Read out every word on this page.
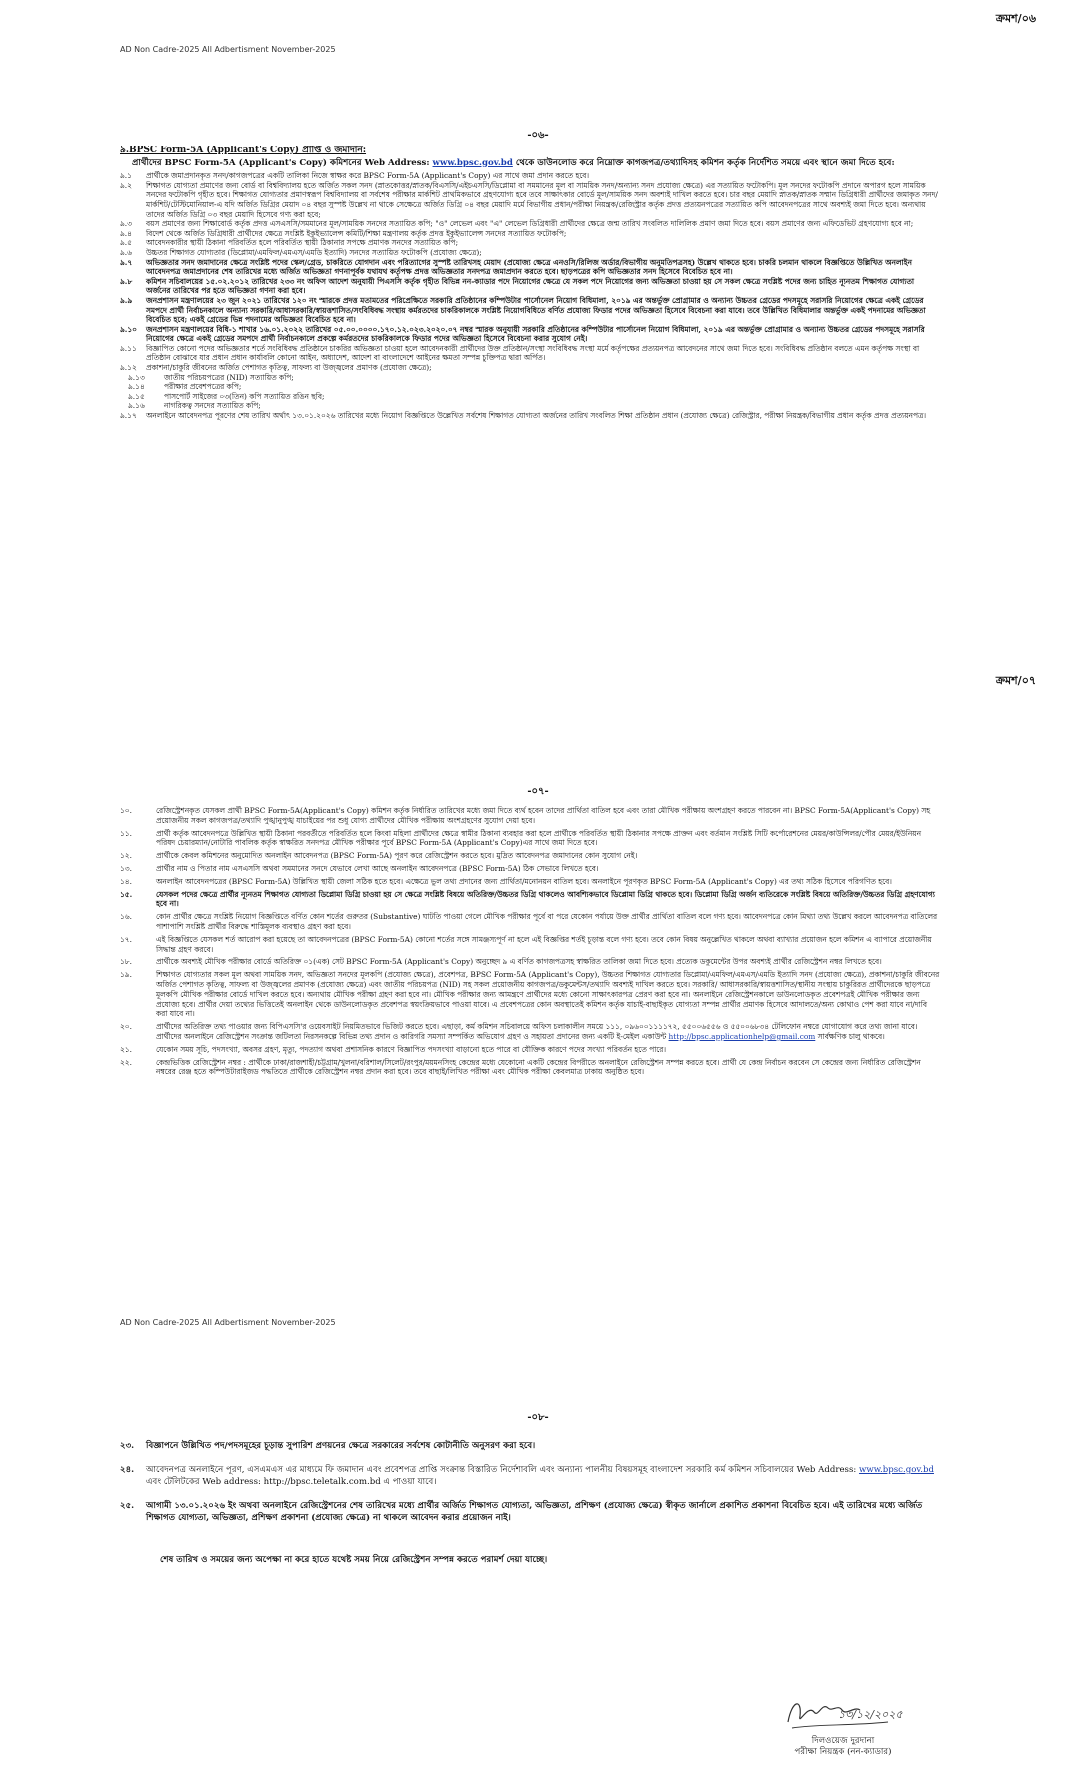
ক্রমশ/০৬
AD Non Cadre-2025 All Adbertisment November-2025
-০৬-
৯.BPSC Form-5A (Applicant's Copy) প্রাপ্তি ও জমাদান:
প্রার্থীদের BPSC Form-5A (Applicant's Copy) কমিশনের Web Address: www.bpsc.gov.bd থেকে ডাউনলোড করে নিম্নোক্ত কাগজপত্র/তথ্যাদিসহ কমিশন কর্তৃক নির্দেশিত সময়ে এবং স্থানে জমা দিতে হবে:
৯.১ প্রার্থীকে জমাপ্রদানকৃত সনদ/কাগজপত্রের একটি তালিকা নিজে স্বাক্ষর করে BPSC Form-5A (Applicant's Copy) এর সাথে জমা প্রদান করতে হবে।
৯.২ শিক্ষাগত যোগ্যতা প্রমাণের জন্য বোর্ড বা বিশ্ববিদ্যালয় হতে অর্জিত সকল সনদ (স্নাতকোত্তর/স্নাতক/বিএসসি/এইচএসসি/ডিপ্লোমা বা সমমানের মূল বা সাময়িক সনদ/অন্যান্য সনদ প্রযোজ্য ক্ষেত্রে) এর সত্যায়িত ফটোকপি। মূল সনদের ফটোকপি প্রদানে অপারগ হলে সাময়িক সনদের ফটোকপি গৃহীত হবে। শিক্ষাগত যোগ্যতার প্রমাণস্বরূপ বিশ্ববিদ্যালয় বা সর্বশেষ পরীক্ষার মার্কশিট প্রাথমিকভাবে গ্রহণযোগ্য হবে তবে সাক্ষাৎকার বোর্ডে মূল/সাময়িক সনদ অবশ্যই দাখিল করতে হবে। চার বছর মেয়াদি স্নাতক/স্নাতক সম্মান ডিগ্রিধারী প্রার্থীদের জমাকৃত সনদ/মার্কশিট/টেস্টিমোনিয়াল-এ যদি অর্জিত ডিগ্রির মেয়াদ ০৪ বছর সুস্পষ্ট উল্লেখ না থাকে সেক্ষেত্রে অর্জিত ডিগ্রি ০৪ বছর মেয়াদি মর্মে বিভাগীয় প্রধান/পরীক্ষা নিয়ন্ত্রক/রেজিস্ট্রার কর্তৃক প্রদত্ত প্রত্যয়নপত্রের সত্যায়িত কপি আবেদনপত্রের সাথে অবশ্যই জমা দিতে হবে। অন্যথায় তাদের অর্জিত ডিগ্রি ০৩ বছর মেয়াদি হিসেবে গণ্য করা হবে;
৯.৩ বয়স প্রমাণের জন্য শিক্ষাবোর্ড কর্তৃক প্রদত্ত এসএসসি/সমমানের মূল/সাময়িক সনদের সত্যায়িত কপি; "ও" লেভেল এবং "এ" লেভেল ডিগ্রিধারী প্রার্থীদের ক্ষেত্রে জন্ম তারিখ সংবলিত দালিলিক প্রমাণ জমা দিতে হবে। বয়স প্রমাণের জন্য এফিডেভিট গ্রহণযোগ্য হবে না;
৯.৪ বিদেশ থেকে অর্জিত ডিগ্রিধারী প্রার্থীদের ক্ষেত্রে সংশ্লিষ্ট ইকুইভ্যালেন্স কমিটি/শিক্ষা মন্ত্রণালয় কর্তৃক প্রদত্ত ইকুইভ্যালেন্স সনদের সত্যায়িত ফটোকপি;
৯.৫ আবেদনকারীর স্থায়ী ঠিকানা পরিবর্তিত হলে পরিবর্তিত স্থায়ী ঠিকানার সপক্ষে প্রমাণক সনদের সত্যায়িত কপি;
৯.৬ উচ্চতর শিক্ষাগত যোগ্যতার (ডিপ্লোমা/এমফিল/এমএস/এমডি ইত্যাদি) সনদের সত্যায়িত ফটোকপি (প্রযোজ্য ক্ষেত্রে);
৯.৭ অভিজ্ঞতার সনদ জমাদানের ক্ষেত্রে সংশ্লিষ্ট পদের স্কেল/গ্রেড, চাকরিতে যোগদান এবং পরিত্যাগের সুস্পষ্ট তারিখসহ মেয়াদ (প্রযোজ্য ক্ষেত্রে এনওসি/রিলিজ অর্ডার/বিভাগীয় অনুমতিপত্রসহ) উল্লেখ থাকতে হবে। চাকরি চলমান থাকলে বিজ্ঞপ্তিতে উল্লিখিত অনলাইন আবেদনপত্র জমাপ্রদানের শেষ তারিখের মধ্যে অর্জিত অভিজ্ঞতা গণনাপূর্বক যথাযথ কর্তৃপক্ষ প্রদত্ত অভিজ্ঞতার সনদপত্র জমাপ্রদান করতে হবে। ছাড়পত্রের কপি অভিজ্ঞতার সনদ হিসেবে বিবেচিত হবে না।
৯.৮ কমিশন সচিবালয়ের ১৫.০২.২০১২ তারিখের ২৩৩ নং অফিস আদেশ অনুযায়ী পিএসসি কর্তৃক গৃহীত বিভিন্ন নন-ক্যাডার পদে নিয়োগের ক্ষেত্রে যে সকল পদে নিয়োগের জন্য অভিজ্ঞতা চাওয়া হয় সে সকল ক্ষেত্রে সংশ্লিষ্ট পদের জন্য চাহিত ন্যূনতম শিক্ষাগত যোগ্যতা অর্জনের তারিখের পর হতে অভিজ্ঞতা গণনা করা হবে।
৯.৯ জনপ্রশাসন মন্ত্রণালয়ের ২৩ জুন ২০২১ তারিখের ১২০ নং স্মারকে প্রদত্ত মতামতের পরিপ্রেক্ষিতে সরকারি প্রতিষ্ঠানের কম্পিউটার পার্সোনেল নিয়োগ বিধিমালা, ২০১৯ এর অন্তর্ভুক্ত প্রোগ্রামার ও অন্যান্য উচ্চতর গ্রেডের পদসমূহে সরাসরি নিয়োগের ক্ষেত্রে একই গ্রেডের সমপদে প্রার্থী নির্বাচনকালে অন্যান্য সরকারি/আধাসরকারি/স্বায়ত্তশাসিত/সংবিধিবদ্ধ সংস্থায় কর্মরতদের চাকরিকালকে সংশ্লিষ্ট নিয়োগবিধিতে বর্ণিত প্রযোজ্য ফিডার পদের অভিজ্ঞতা হিসেবে বিবেচনা করা যাবে। তবে উল্লিখিত বিধিমালার অন্তর্ভুক্ত একই পদনামের অভিজ্ঞতা বিবেচিত হবে; একই গ্রেডের ভিন্ন পদনামের অভিজ্ঞতা বিবেচিত হবে না।
৯.১০ জনপ্রশাসন মন্ত্রণালয়ের বিধি-১ শাখার ১৬.০১.২০২২ তারিখের ০৫.০০.০০০০.১৭০.১২.০২৩.২০২০.০৭ নম্বর স্মারক অনুযায়ী সরকারি প্রতিষ্ঠানের কম্পিউটার পার্সোনেল নিয়োগ বিধিমালা, ২০১৯ এর অন্তর্ভুক্ত প্রোগ্রামার ও অন্যান্য উচ্চতর গ্রেডের পদসমূহে সরাসরি নিয়োগের ক্ষেত্রে একই গ্রেডের সমপদে প্রার্থী নির্বাচনকালে প্রকল্পে কর্মরতদের চাকরিকালকে ফিডার পদের অভিজ্ঞতা হিসেবে বিবেচনা করার সুযোগ নেই।
৯.১১ বিজ্ঞাপিত কোনো পদের অভিজ্ঞতার শর্তে সংবিধিবদ্ধ প্রতিষ্ঠানে চাকরির অভিজ্ঞতা চাওয়া হলে আবেদনকারী প্রার্থীদের উক্ত প্রতিষ্ঠান/সংস্থা সংবিধিবদ্ধ সংস্থা মর্মে কর্তৃপক্ষের প্রত্যয়নপত্র আবেদনের সাথে জমা দিতে হবে। সংবিধিবদ্ধ প্রতিষ্ঠান বলতে এমন কর্তৃপক্ষ সংস্থা বা প্রতিষ্ঠান বোঝাবে যার প্রধান প্রধান কার্যাবলি কোনো আইন, অধ্যাদেশ, আদেশ বা বাংলাদেশে আইনের ক্ষমতা সম্পন্ন চুক্তিপত্র দ্বারা অর্পিত।
৯.১২ প্রকাশনা/চাকুরি জীবনের অর্জিত পেশাগত কৃতিত্ব, সাফল্য বা উজ্জ্বলের প্রমাণক (প্রযোজ্য ক্ষেত্রে);
৯.১৩	জাতীয় পরিচয়পত্রের (NID) সত্যায়িত কপি;
৯.১৪	পরীক্ষার প্রবেশপত্রের কপি;
৯.১৫	পাসপোর্ট সাইজের ০৩(তিন) কপি সত্যায়িত রঙিন ছবি;
৯.১৬	নাগরিকত্ব সনদের সত্যায়িত কপি;
৯.১৭ অনলাইনে আবেদনপত্র পূরণের শেষ তারিখ অর্থাৎ ১৩.০১.২০২৬ তারিখের মধ্যে নিয়োগ বিজ্ঞপ্তিতে উল্লেখিত সর্বশেষ শিক্ষাগত যোগ্যতা অর্জনের তারিখ সংবলিত শিক্ষা প্রতিষ্ঠান প্রধান (প্রযোজ্য ক্ষেত্রে) রেজিস্ট্রার, পরীক্ষা নিয়ন্ত্রক/বিভাগীয় প্রধান কর্তৃক প্রদত্ত প্রত্যয়নপত্র।
ক্রমশ/০৭
-০৭-
১০.	রেজিস্ট্রেশনকৃত যেসকল প্রার্থী BPSC Form-5A(Applicant's Copy) কমিশন কর্তৃক নির্ধারিত তারিখের মধ্যে জমা দিতে ব্যর্থ হবেন তাদের প্রার্থিতা বাতিল হবে এবং তারা মৌখিক পরীক্ষায় অংশগ্রহণ করতে পারবেন না। BPSC Form-5A(Applicant's Copy) সহ প্রয়োজনীয় সকল কাগজপত্র/তথ্যাদি পুঙ্খানুপুঙ্খ যাচাইয়ের পর শুধু যোগ্য প্রার্থীদের মৌখিক পরীক্ষায় অংশগ্রহণের সুযোগ দেয়া হবে।
১১.	প্রার্থী কর্তৃক আবেদনপত্রে উল্লিখিত স্থায়ী ঠিকানা পরবর্তীতে পরিবর্তিত হলে কিংবা মহিলা প্রার্থীদের ক্ষেত্রে স্বামীর ঠিকানা ব্যবহার করা হলে প্রার্থীকে পরিবর্তিত স্থায়ী ঠিকানার সপক্ষে প্রাক্তন এবং বর্তমান সংশ্লিষ্ট সিটি কর্পোরেশনের মেয়র/কাউন্সিলর/পৌর মেয়র/ইউনিয়ন পরিষদ চেয়ারম্যান/নোটারি পাবলিক কর্তৃক স্বাক্ষরিত সনদপত্র মৌখিক পরীক্ষার পূর্বে BPSC Form-5A (Applicant's Copy)এর সাথে জমা দিতে হবে।
১২.	প্রার্থীকে কেবল কমিশনের অনুমোদিত অনলাইন আবেদনপত্র (BPSC Form-5A) পূরণ করে রেজিস্ট্রেশন করতে হবে। মুদ্রিত আবেদনপত্র জমাদানের কোন সুযোগ নেই।
১৩.	প্রার্থীর নাম ও পিতার নাম এসএসসি অথবা সমমানের সনদে যেভাবে লেখা আছে অনলাইন আবেদনপত্রে (BPSC Form-5A) ঠিক সেভাবে লিখতে হবে।
১৪.	অনলাইন আবেদনপত্রের (BPSC Form-5A) উল্লিখিত স্থায়ী জেলা সঠিক হতে হবে। এক্ষেত্রে ভুল তথ্য প্রদানের জন্য প্রার্থিতা/মনোনয়ন বাতিল হবে। অনলাইনে পূরণকৃত BPSC Form-5A (Applicant's Copy) এর তথ্য সঠিক হিসেবে পরিগণিত হবে।
১৫.	যেসকল পদের ক্ষেত্রে প্রার্থীর ন্যূনতম শিক্ষাগত যোগ্যতা ডিপ্লোমা ডিগ্রি চাওয়া হয় সে ক্ষেত্রে সংশ্লিষ্ট বিষয়ে অতিরিক্ত/উচ্চতর ডিগ্রি থাকলেও আবশ্যিকভাবে ডিপ্লোমা ডিগ্রি থাকতে হবে। ডিপ্লোমা ডিগ্রি অর্জন ব্যতিরেকে সংশ্লিষ্ট বিষয়ে অতিরিক্ত/উচ্চতর ডিগ্রি গ্রহণযোগ্য হবে না।
১৬.	কোন প্রার্থীর ক্ষেত্রে সংশ্লিষ্ট নিয়োগ বিজ্ঞপ্তিতে বর্ণিত কোন শর্তের গুরুতর (Substantive) ঘাটতি পাওয়া গেলে মৌখিক পরীক্ষার পূর্বে বা পরে যেকোন পর্যায়ে উক্ত প্রার্থীর প্রার্থিতা বাতিল বলে গণ্য হবে। আবেদনপত্রে কোন মিথ্যা তথ্য উল্লেখ করলে আবেদনপত্র বাতিলের পাশাপাশি সংশ্লিষ্ট প্রার্থীর বিরুদ্ধে শাস্তিমূলক ব্যবস্থাও গ্রহণ করা হবে।
১৭.	এই বিজ্ঞপ্তিতে যেসকল শর্ত আরোপ করা হয়েছে তা আবেদনপত্রের (BPSC Form-5A) কোনো শর্তের সঙ্গে সামঞ্জস্যপূর্ণ না হলে এই বিজ্ঞপ্তির শর্তই চূড়ান্ত বলে গণ্য হবে। তবে কোন বিষয় অনুল্লেখিত থাকলে অথবা ব্যাখ্যার প্রয়োজন হলে কমিশন এ ব্যাপারে প্রয়োজনীয় সিদ্ধান্ত গ্রহণ করবে।
১৮.	প্রার্থীকে অবশ্যই মৌখিক পরীক্ষার বোর্ডে অতিরিক্ত ০১(এক) সেট BPSC Form-5A (Applicant's Copy) অনুচ্ছেদ ৯ এ বর্ণিত কাগজপত্রসহ স্বাক্ষরিত তালিকা জমা দিতে হবে। প্রত্যেক ডকুমেন্টের উপর অবশ্যই প্রার্থীর রেজিস্ট্রেশন নম্বর লিখতে হবে।
১৯.	শিক্ষাগত যোগ্যতার সকল মূল অথবা সাময়িক সনদ, অভিজ্ঞতা সনদের মূলকপি (প্রযোজ্য ক্ষেত্রে), প্রবেশপত্র, BPSC Form-5A (Applicant's Copy), উচ্চতর শিক্ষাগত যোগ্যতার ডিপ্লোমা/এমফিল/এমএস/এমডি ইত্যাদি সনদ (প্রযোজ্য ক্ষেত্রে), প্রকাশনা/চাকুরি জীবনের অর্জিত পেশাগত কৃতিত্ব, সাফল্য বা উজ্জ্বলের প্রমাণক (প্রযোজ্য ক্ষেত্রে) এবং জাতীয় পরিচয়পত্র (NID) সহ সকল প্রয়োজনীয় কাগজপত্র/ডকুমেন্টস/তথ্যাদি অবশ্যই দাখিল করতে হবে। সরকারি/ আধাসরকারি/স্বায়ত্তশাসিত/স্থানীয় সংস্থায় চাকুরিরত প্রার্থীদেরকে ছাড়পত্রে মূলকপি মৌখিক পরীক্ষার বোর্ডে দাখিল করতে হবে। অন্যথায় মৌখিক পরীক্ষা গ্রহণ করা হবে না। মৌখিক পরীক্ষার জন্য আমন্ত্রণে প্রার্থীদের মধ্যে কোনো সাক্ষাৎকারপত্র প্রেরণ করা হবে না। অনলাইনে রেজিস্ট্রেশনকালে ডাউনলোডকৃত প্রবেশপত্রই মৌখিক পরীক্ষার জন্য প্রযোজ্য হবে। প্রার্থীর দেয়া তথ্যের ভিত্তিতেই অনলাইন থেকে ডাউনলোডকৃত প্রবেশপত্র স্বয়ংক্রিয়ভাবে পাওয়া যাবে। এ প্রবেশপত্রের কোন অবস্থাতেই কমিশন কর্তৃক যাচাই-বাছাইকৃত যোগ্যতা সম্পন্ন প্রার্থীর প্রমাণক হিসেবে আদালতে/অন্য কোথাও পেশ করা যাবে না/দাবি করা যাবে না।
২০.	প্রার্থীদের অতিরিক্ত তথ্য পাওয়ার জন্য বিপিএসসি'র ওয়েবসাইট নিয়মিতভাবে ভিজিট করতে হবে। এছাড়া, কর্ম কমিশন সচিবালয়ে অফিস চলাকালীন সময়ে ১১১, ০৯৬০০১১১১৭২, ৫৫০০৬৫৫৬ ও ৫৫০০৬৮৩৪ টেলিফোন নম্বরে যোগাযোগ করে তথ্য জানা যাবে। প্রার্থীদের অনলাইনে রেজিস্ট্রেশন সংক্রান্ত জটিলতা নিরসনকল্পে বিভিন্ন তথ্য প্রদান ও কারিগরি সমস্যা সম্পর্কিত অভিযোগ গ্রহণ ও সহায়তা প্রদানের জন্য একটি ই-মেইল একাউন্ট http://bpsc.applicationhelp@gmail.com সার্বক্ষণিক চালু থাকবে।
২১.	যেকোন সময় সূচি, পদসংখ্যা, অবসর গ্রহণ, মৃত্যু, পদত্যাগ অথবা প্রশাসনিক কারণে বিজ্ঞাপিত পদসংখ্যা বাড়ানো হতে পারে বা যৌক্তিক কারণে পদের সংখ্যা পরিবর্তন হতে পারে।
২২.	কেন্দ্রভিত্তিক রেজিস্ট্রেশন নম্বর : প্রার্থীকে ঢাকা/রাজশাহী/চট্টগ্রাম/খুলনা/বরিশাল/সিলেট/রংপুর/ময়মনসিংহ কেন্দ্রের মধ্যে যেকোনো একটি কেন্দ্রের বিপরীতে অনলাইনে রেজিস্ট্রেশন সম্পন্ন করতে হবে। প্রার্থী যে কেন্দ্র নির্বাচন করবেন সে কেন্দ্রের জন্য নির্ধারিত রেজিস্ট্রেশন নম্বরের রেঞ্জ হতে কম্পিউটারাইজড পদ্ধতিতে প্রার্থীকে রেজিস্ট্রেশন নম্বর প্রদান করা হবে। তবে বাছাই/লিখিত পরীক্ষা এবং মৌখিক পরীক্ষা কেবলমাত্র ঢাকায় অনুষ্ঠিত হবে।
AD Non Cadre-2025 All Adbertisment November-2025
-০৮-
২৩. বিজ্ঞাপনে উল্লিখিত পদ/পদসমূহের চূড়ান্ত সুপারিশ প্রণয়নের ক্ষেত্রে সরকারের সর্বশেষ কোটানীতি অনুসরণ করা হবে।
২৪. আবেদনপত্র অনলাইনে পূরণ, এসএমএস এর মাধ্যমে ফি জমাদান এবং প্রবেশপত্র প্রাপ্তি সংক্রান্ত বিস্তারিত নির্দেশাবলি এবং অন্যান্য পালনীয় বিষয়সমূহ বাংলাদেশ সরকারি কর্ম কমিশন সচিবালয়ের Web Address: www.bpsc.gov.bd এবং টেলিটকের Web address: http://bpsc.teletalk.com.bd এ পাওয়া যাবে।
২৫. আগামী ১৩.০১.২০২৬ ইং অথবা অনলাইনে রেজিস্ট্রেশনের শেষ তারিখের মধ্যে প্রার্থীর অর্জিত শিক্ষাগত যোগ্যতা, অভিজ্ঞতা, প্রশিক্ষণ (প্রযোজ্য ক্ষেত্রে) স্বীকৃত জার্নালে প্রকাশিত প্রকাশনা বিবেচিত হবে। এই তারিখের মধ্যে অর্জিত শিক্ষাগত যোগ্যতা, অভিজ্ঞতা, প্রশিক্ষণ প্রকাশনা (প্রযোজ্য ক্ষেত্রে) না থাকলে আবেদন করার প্রয়োজন নাই।
শেষ তারিখ ও সময়ের জন্য অপেক্ষা না করে হাতে যথেষ্ট সময় নিয়ে রেজিস্ট্রেশন সম্পন্ন করতে পরামর্শ দেয়া যাচ্ছে।
১৩/১২/২০২৫
দিলওয়েজ দুরদানা
পরীক্ষা নিয়ন্ত্রক (নন-ক্যাডার)
